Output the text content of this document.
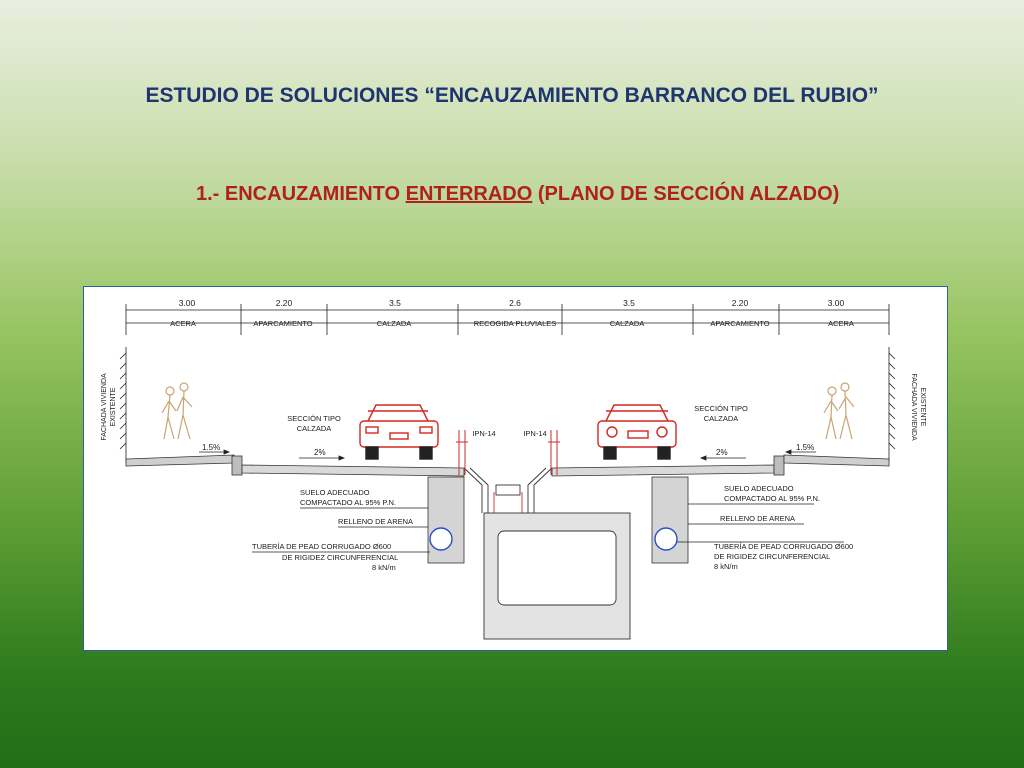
ESTUDIO DE SOLUCIONES “ENCAUZAMIENTO BARRANCO DEL RUBIO”
1.- ENCAUZAMIENTO ENTERRADO (PLANO DE SECCIÓN ALZADO)
3.00	2.20	3.5	2.6	3.5	2.20	3.00
ACERA	APARCAMIENTO	CALZADA	RECOGIDA PLUVIALES	CALZADA	APARCAMIENTO	ACERA
FACHADA VIVIENDA EXISTENTE	FACHADA VIVIENDA EXISTENTE
SECCIÓN TIPO
CALZADA
SECCIÓN TIPO
CALZADA
IPN-14	IPN-14
1.5%
2%	2%
1.5%
SUELO ADECUADO
COMPACTADO AL 95% P.N.
SUELO ADECUADO
COMPACTADO AL 95% P.N.
RELLENO DE ARENA	RELLENO DE ARENA
TUBERÍA DE PEAD CORRUGADO Ø600
DE RIGIDEZ CIRCUNFERENCIAL
8 kN/m
TUBERÍA DE PEAD CORRUGADO Ø600
DE RIGIDEZ CIRCUNFERENCIAL
8 kN/m
